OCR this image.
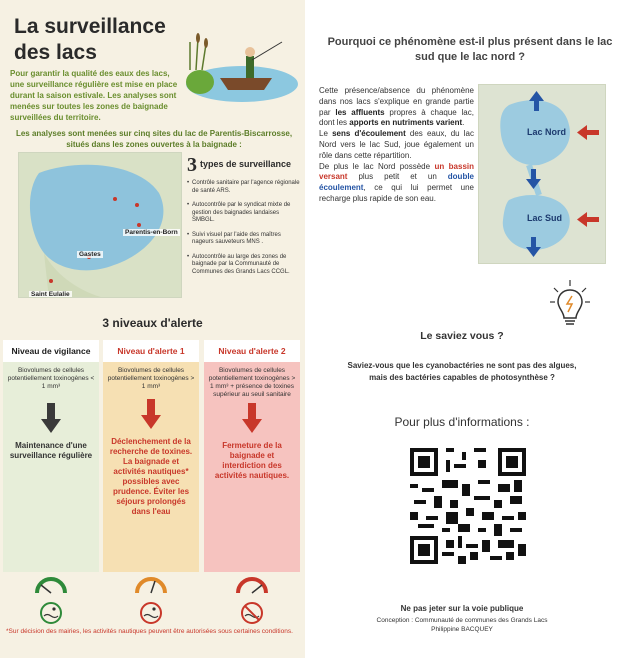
La surveillance
des lacs

Pour garantir la qualité des eaux des lacs, une surveillance régulière est mise en place durant la saison estivale. Les analyses sont menées sur toutes les zones de baignade surveillées du territoire.

Les analyses sont menées sur cinq sites du lac de Parentis-Biscarrosse, situés dans les zones ouvertes à la baignade :

Parentis-en-Born
Gastes
Saint Eulalie
3 types de surveillance
• Contrôle sanitaire par l'agence régionale de santé ARS.
• Autocontrôle par le syndicat mixte de gestion des baignades landaises SMBGL.
• Suivi visuel par l'aide des maîtres nageurs sauveteurs MNS .
• Autocontrôle au large des zones de baignade par la Communauté de Communes des Grands Lacs CCGL.
3 niveaux d'alerte
Niveau de vigilance
Biovolumes de cellules potentiellement toxinogènes < 1 mm³
Maintenance d'une surveillance régulière
Niveau d'alerte 1
Biovolumes de cellules potentiellement toxinogènes > 1 mm³
Déclenchement de la recherche de toxines. La baignade et activités nautiques* possibles avec prudence. Éviter les séjours prolongés dans l'eau
Niveau d'alerte 2
Biovolumes de cellules potentiellement toxinogènes > 1 mm³ + présence de toxines supérieur au seuil sanitaire
Fermeture de la baignade et interdiction des activités nautiques.

*Sur décision des mairies, les activités nautiques peuvent être autorisées sous certaines conditions.

Pourquoi ce phénomène est-il plus présent dans le lac sud que le lac nord ?
Cette présence/absence du phénomène dans nos lacs s'explique en grande partie par les affluents propres à chaque lac, dont les apports en nutriments varient.
Le sens d'écoulement des eaux, du lac Nord vers le lac Sud, joue également un rôle dans cette répartition.
De plus le lac Nord possède un bassin versant plus petit et un double écoulement, ce qui lui permet une recharge plus rapide de son eau.
Lac Nord
Lac Sud
Le saviez vous ?

Saviez-vous que les cyanobactéries ne sont pas des algues, mais des bactéries capables de photosynthèse ?

Pour plus d'informations :
Ne pas jeter sur la voie publique
Conception : Communauté de communes des Grands Lacs
Philippine BACQUEY
